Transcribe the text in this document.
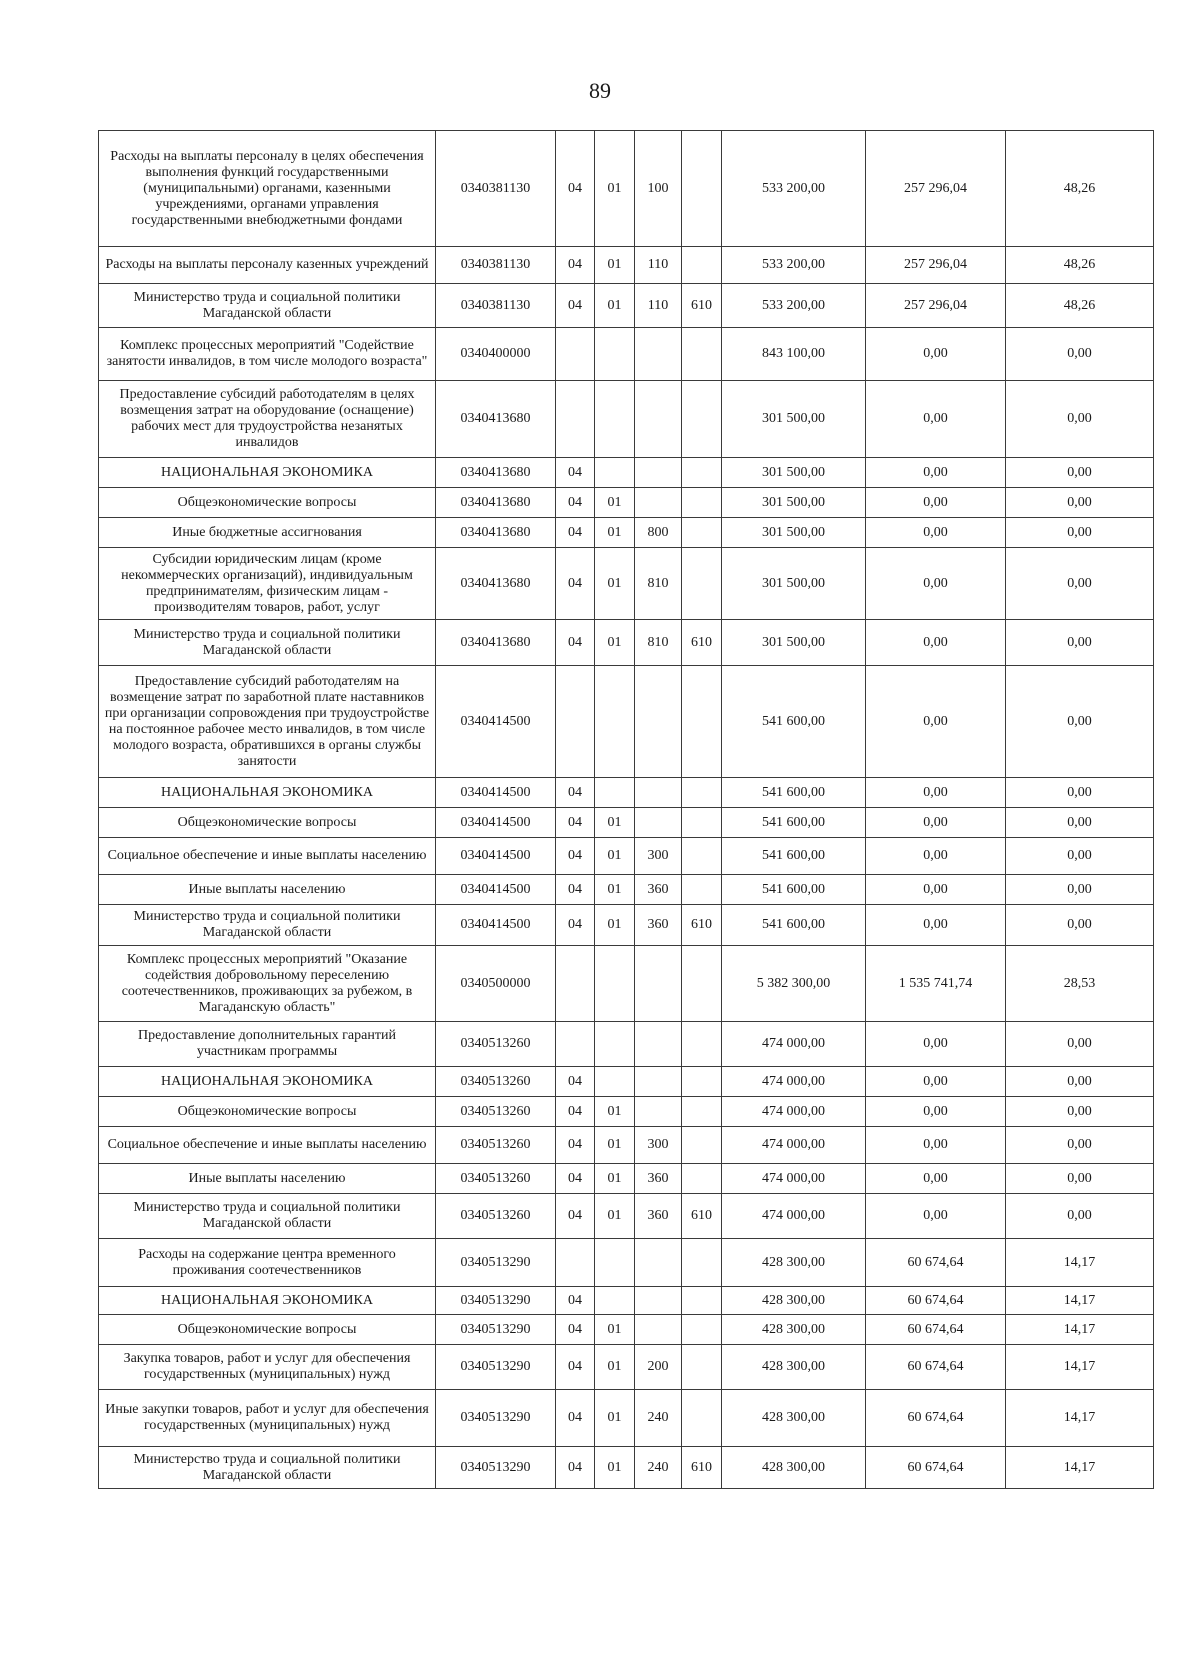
89
Расходы на выплаты персоналу в целях обеспечения выполнения функций государственными (муниципальными) органами, казенными учреждениями, органами управления государственными внебюджетными фондами	0340381130	04	01	100		533 200,00	257 296,04	48,26
Расходы на выплаты персоналу казенных учреждений	0340381130	04	01	110		533 200,00	257 296,04	48,26
Министерство труда и социальной политики Магаданской области	0340381130	04	01	110	610	533 200,00	257 296,04	48,26
Комплекс процессных мероприятий "Содействие занятости инвалидов, в том числе молодого возраста"	0340400000					843 100,00	0,00	0,00
Предоставление субсидий работодателям в целях возмещения затрат на оборудование (оснащение) рабочих мест для трудоустройства незанятых инвалидов	0340413680					301 500,00	0,00	0,00
НАЦИОНАЛЬНАЯ ЭКОНОМИКА	0340413680	04				301 500,00	0,00	0,00
Общеэкономические вопросы	0340413680	04	01			301 500,00	0,00	0,00
Иные бюджетные ассигнования	0340413680	04	01	800		301 500,00	0,00	0,00
Субсидии юридическим лицам (кроме некоммерческих организаций), индивидуальным предпринимателям, физическим лицам - производителям товаров, работ, услуг	0340413680	04	01	810		301 500,00	0,00	0,00
Министерство труда и социальной политики Магаданской области	0340413680	04	01	810	610	301 500,00	0,00	0,00
Предоставление субсидий работодателям на возмещение затрат по заработной плате наставников при организации сопровождения при трудоустройстве на постоянное рабочее место инвалидов, в том числе молодого возраста, обратившихся в органы службы занятости	0340414500					541 600,00	0,00	0,00
НАЦИОНАЛЬНАЯ ЭКОНОМИКА	0340414500	04				541 600,00	0,00	0,00
Общеэкономические вопросы	0340414500	04	01			541 600,00	0,00	0,00
Социальное обеспечение и иные выплаты населению	0340414500	04	01	300		541 600,00	0,00	0,00
Иные выплаты населению	0340414500	04	01	360		541 600,00	0,00	0,00
Министерство труда и социальной политики Магаданской области	0340414500	04	01	360	610	541 600,00	0,00	0,00
Комплекс процессных мероприятий "Оказание содействия добровольному переселению соотечественников, проживающих за рубежом, в Магаданскую область"	0340500000					5 382 300,00	1 535 741,74	28,53
Предоставление дополнительных гарантий участникам программы	0340513260					474 000,00	0,00	0,00
НАЦИОНАЛЬНАЯ ЭКОНОМИКА	0340513260	04				474 000,00	0,00	0,00
Общеэкономические вопросы	0340513260	04	01			474 000,00	0,00	0,00
Социальное обеспечение и иные выплаты населению	0340513260	04	01	300		474 000,00	0,00	0,00
Иные выплаты населению	0340513260	04	01	360		474 000,00	0,00	0,00
Министерство труда и социальной политики Магаданской области	0340513260	04	01	360	610	474 000,00	0,00	0,00
Расходы на содержание центра временного проживания соотечественников	0340513290					428 300,00	60 674,64	14,17
НАЦИОНАЛЬНАЯ ЭКОНОМИКА	0340513290	04				428 300,00	60 674,64	14,17
Общеэкономические вопросы	0340513290	04	01			428 300,00	60 674,64	14,17
Закупка товаров, работ и услуг для обеспечения государственных (муниципальных) нужд	0340513290	04	01	200		428 300,00	60 674,64	14,17
Иные закупки товаров, работ и услуг для обеспечения государственных (муниципальных) нужд	0340513290	04	01	240		428 300,00	60 674,64	14,17
Министерство труда и социальной политики Магаданской области	0340513290	04	01	240	610	428 300,00	60 674,64	14,17
